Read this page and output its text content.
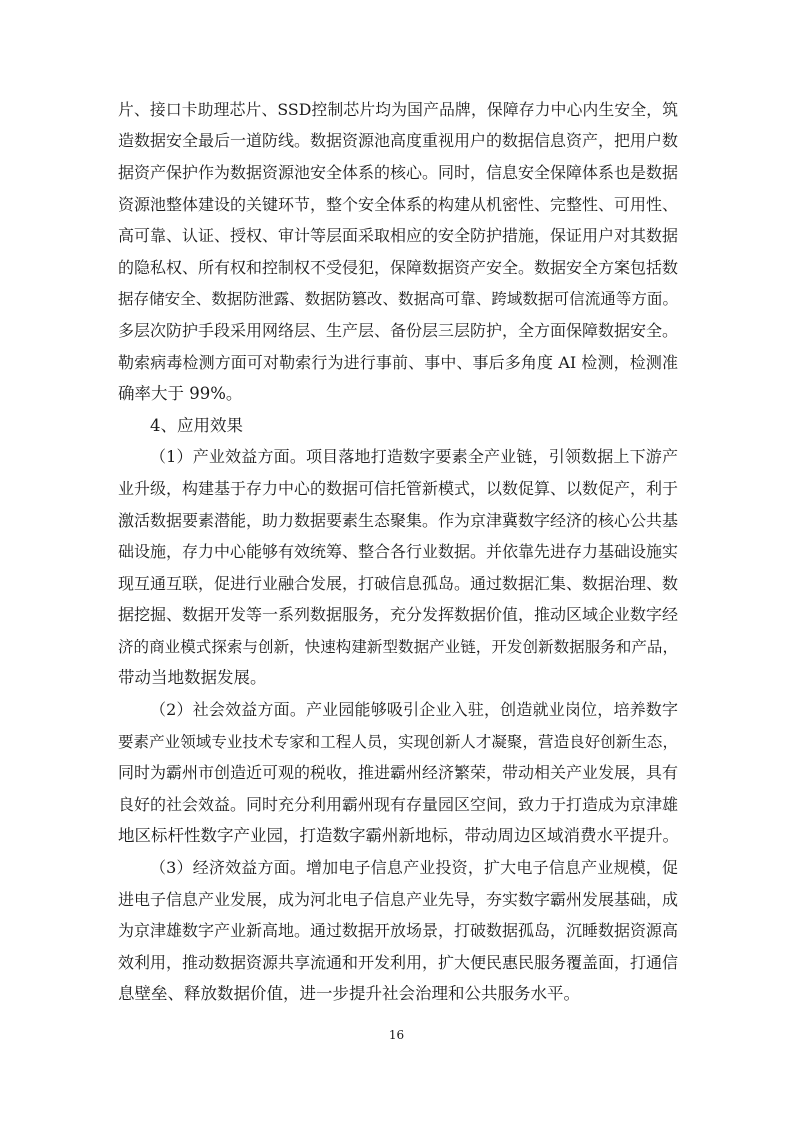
片、接口卡助理芯片、SSD控制芯片均为国产品牌，保障存力中心内生安全，筑
造数据安全最后一道防线。数据资源池高度重视用户的数据信息资产，把用户数
据资产保护作为数据资源池安全体系的核心。同时，信息安全保障体系也是数据
资源池整体建设的关键环节，整个安全体系的构建从机密性、完整性、可用性、
高可靠、认证、授权、审计等层面采取相应的安全防护措施，保证用户对其数据
的隐私权、所有权和控制权不受侵犯，保障数据资产安全。数据安全方案包括数
据存储安全、数据防泄露、数据防篡改、数据高可靠、跨域数据可信流通等方面。
多层次防护手段采用网络层、生产层、备份层三层防护，全方面保障数据安全。
勒索病毒检测方面可对勒索行为进行事前、事中、事后多角度 AI 检测，检测准
确率大于 99%。
4、应用效果
（1）产业效益方面。项目落地打造数字要素全产业链，引领数据上下游产
业升级，构建基于存力中心的数据可信托管新模式，以数促算、以数促产，利于
激活数据要素潜能，助力数据要素生态聚集。作为京津冀数字经济的核心公共基
础设施，存力中心能够有效统筹、整合各行业数据。并依靠先进存力基础设施实
现互通互联，促进行业融合发展，打破信息孤岛。通过数据汇集、数据治理、数
据挖掘、数据开发等一系列数据服务，充分发挥数据价值，推动区域企业数字经
济的商业模式探索与创新，快速构建新型数据产业链，开发创新数据服务和产品，
带动当地数据发展。
（2）社会效益方面。产业园能够吸引企业入驻，创造就业岗位，培养数字
要素产业领域专业技术专家和工程人员，实现创新人才凝聚，营造良好创新生态，
同时为霸州市创造近可观的税收，推进霸州经济繁荣，带动相关产业发展，具有
良好的社会效益。同时充分利用霸州现有存量园区空间，致力于打造成为京津雄
地区标杆性数字产业园，打造数字霸州新地标，带动周边区域消费水平提升。
（3）经济效益方面。增加电子信息产业投资，扩大电子信息产业规模，促
进电子信息产业发展，成为河北电子信息产业先导，夯实数字霸州发展基础，成
为京津雄数字产业新高地。通过数据开放场景，打破数据孤岛，沉睡数据资源高
效利用，推动数据资源共享流通和开发利用，扩大便民惠民服务覆盖面，打通信
息壁垒、释放数据价值，进一步提升社会治理和公共服务水平。
16
